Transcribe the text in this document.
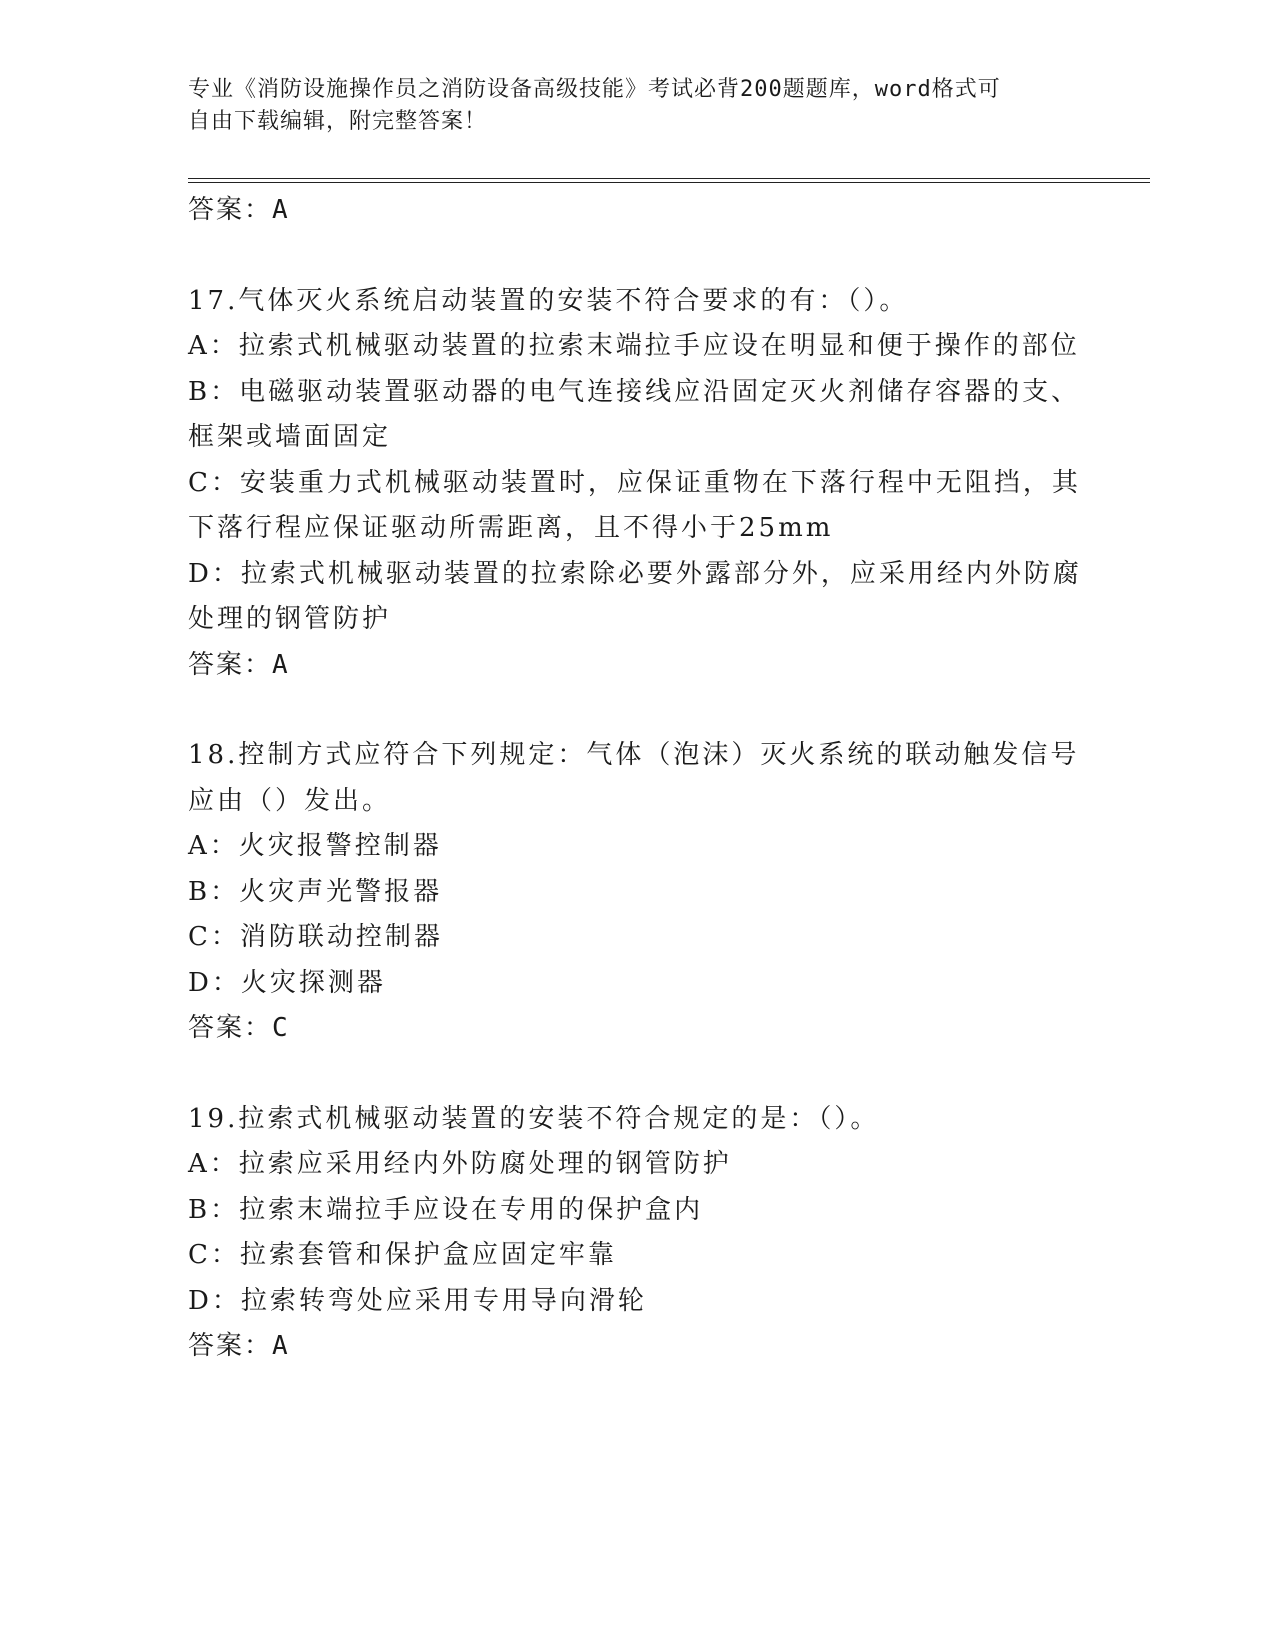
专业《消防设施操作员之消防设备高级技能》考试必背200题题库，word格式可
自由下载编辑，附完整答案！
答案：A
17.气体灭火系统启动装置的安装不符合要求的有：（）。
A：拉索式机械驱动装置的拉索末端拉手应设在明显和便于操作的部位
B：电磁驱动装置驱动器的电气连接线应沿固定灭火剂储存容器的支、
框架或墙面固定
C：安装重力式机械驱动装置时，应保证重物在下落行程中无阻挡，其
下落行程应保证驱动所需距离，且不得小于25mm
D：拉索式机械驱动装置的拉索除必要外露部分外，应采用经内外防腐
处理的钢管防护
答案：A
18.控制方式应符合下列规定：气体（泡沫）灭火系统的联动触发信号
应由（）发出。
A：火灾报警控制器
B：火灾声光警报器
C：消防联动控制器
D：火灾探测器
答案：C
19.拉索式机械驱动装置的安装不符合规定的是：（）。
A：拉索应采用经内外防腐处理的钢管防护
B：拉索末端拉手应设在专用的保护盒内
C：拉索套管和保护盒应固定牢靠
D：拉索转弯处应采用专用导向滑轮
答案：A
